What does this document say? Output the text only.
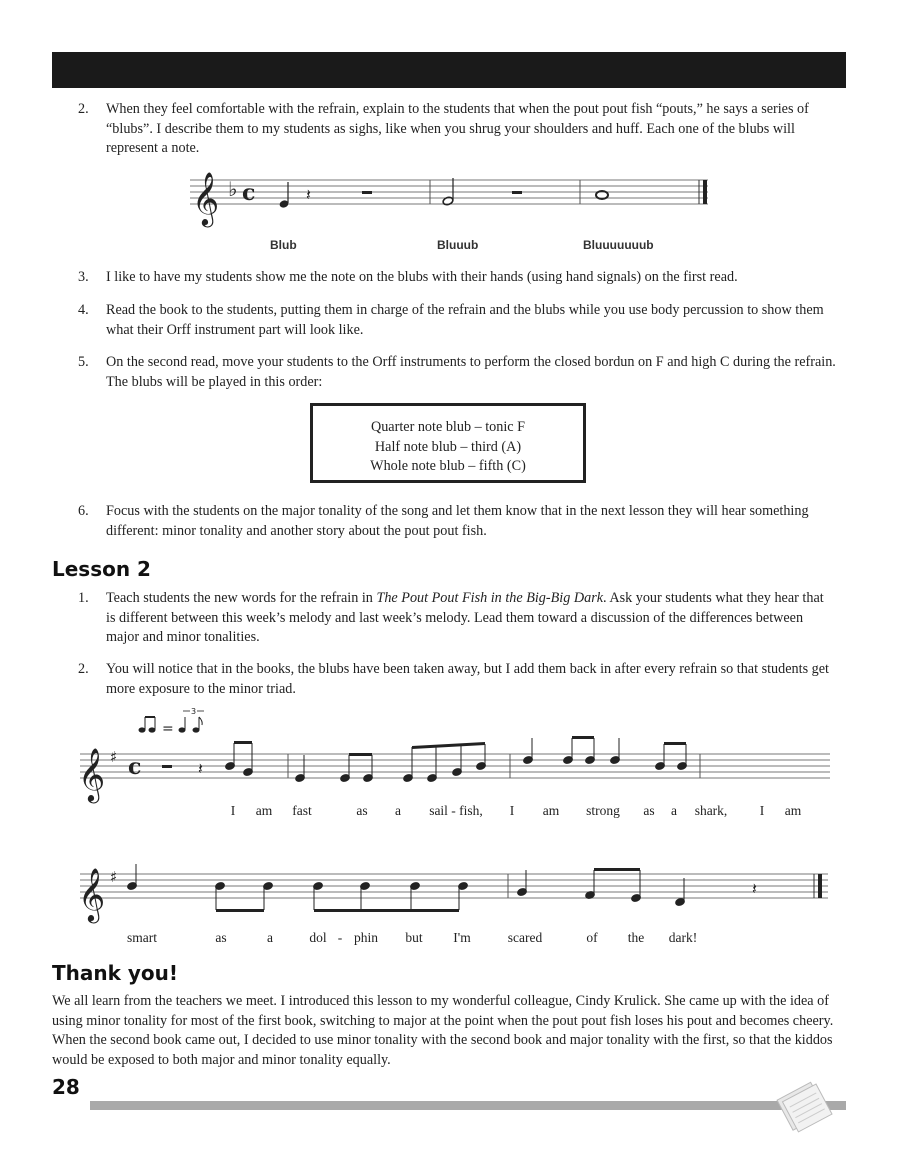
2.	When they feel comfortable with the refrain, explain to the students that when the pout pout fish “pouts,” he says a series of “blubs”. I describe them to my students as sighs, like when you shrug your shoulders and huff. Each one of the blubs will represent a note.
𝄞 ♭ c	𝄽
Blub	Bluuub	Bluuuuuuub
3.	I like to have my students show me the note on the blubs with their hands (using hand signals) on the first read.
4.	Read the book to the students, putting them in charge of the refrain and the blubs while you use body percussion to show them what their Orff instrument part will look like.
5.	On the second read, move your students to the Orff instruments to perform the closed bordun on F and high C during the refrain. The blubs will be played in this order:
Quarter note blub – tonic F
Half note blub – third (A)
Whole note blub – fifth (C)
6.	Focus with the students on the major tonality of the song and let them know that in the next lesson they will hear something different: minor tonality and another story about the pout pout fish.
Lesson 2
1.	Teach students the new words for the refrain in The Pout Pout Fish in the Big-Big Dark. Ask your students what they hear that is different between this week’s melody and last week’s melody. Lead them toward a discussion of the differences between major and minor tonalities.
2.	You will notice that in the books, the blubs have been taken away, but I add them back in after every refrain so that students get more exposure to the minor triad.
=
3
𝄞 ♯ c	𝄽
I am fast	as a sail - fish, I am strong as a shark, I am
𝄞 ♯
𝄽
smart	as	a	dol - phin but I'm	scared	of the dark!
Thank you!
We all learn from the teachers we meet. I introduced this lesson to my wonderful colleague, Cindy Krulick. She came up with the idea of using minor tonality for most of the first book, switching to major at the point when the pout pout fish loses his pout and becomes cheery. When the second book came out, I decided to use minor tonality with the second book and major tonality with the first, so that the kiddos would be exposed to both major and minor tonality equally.
28
